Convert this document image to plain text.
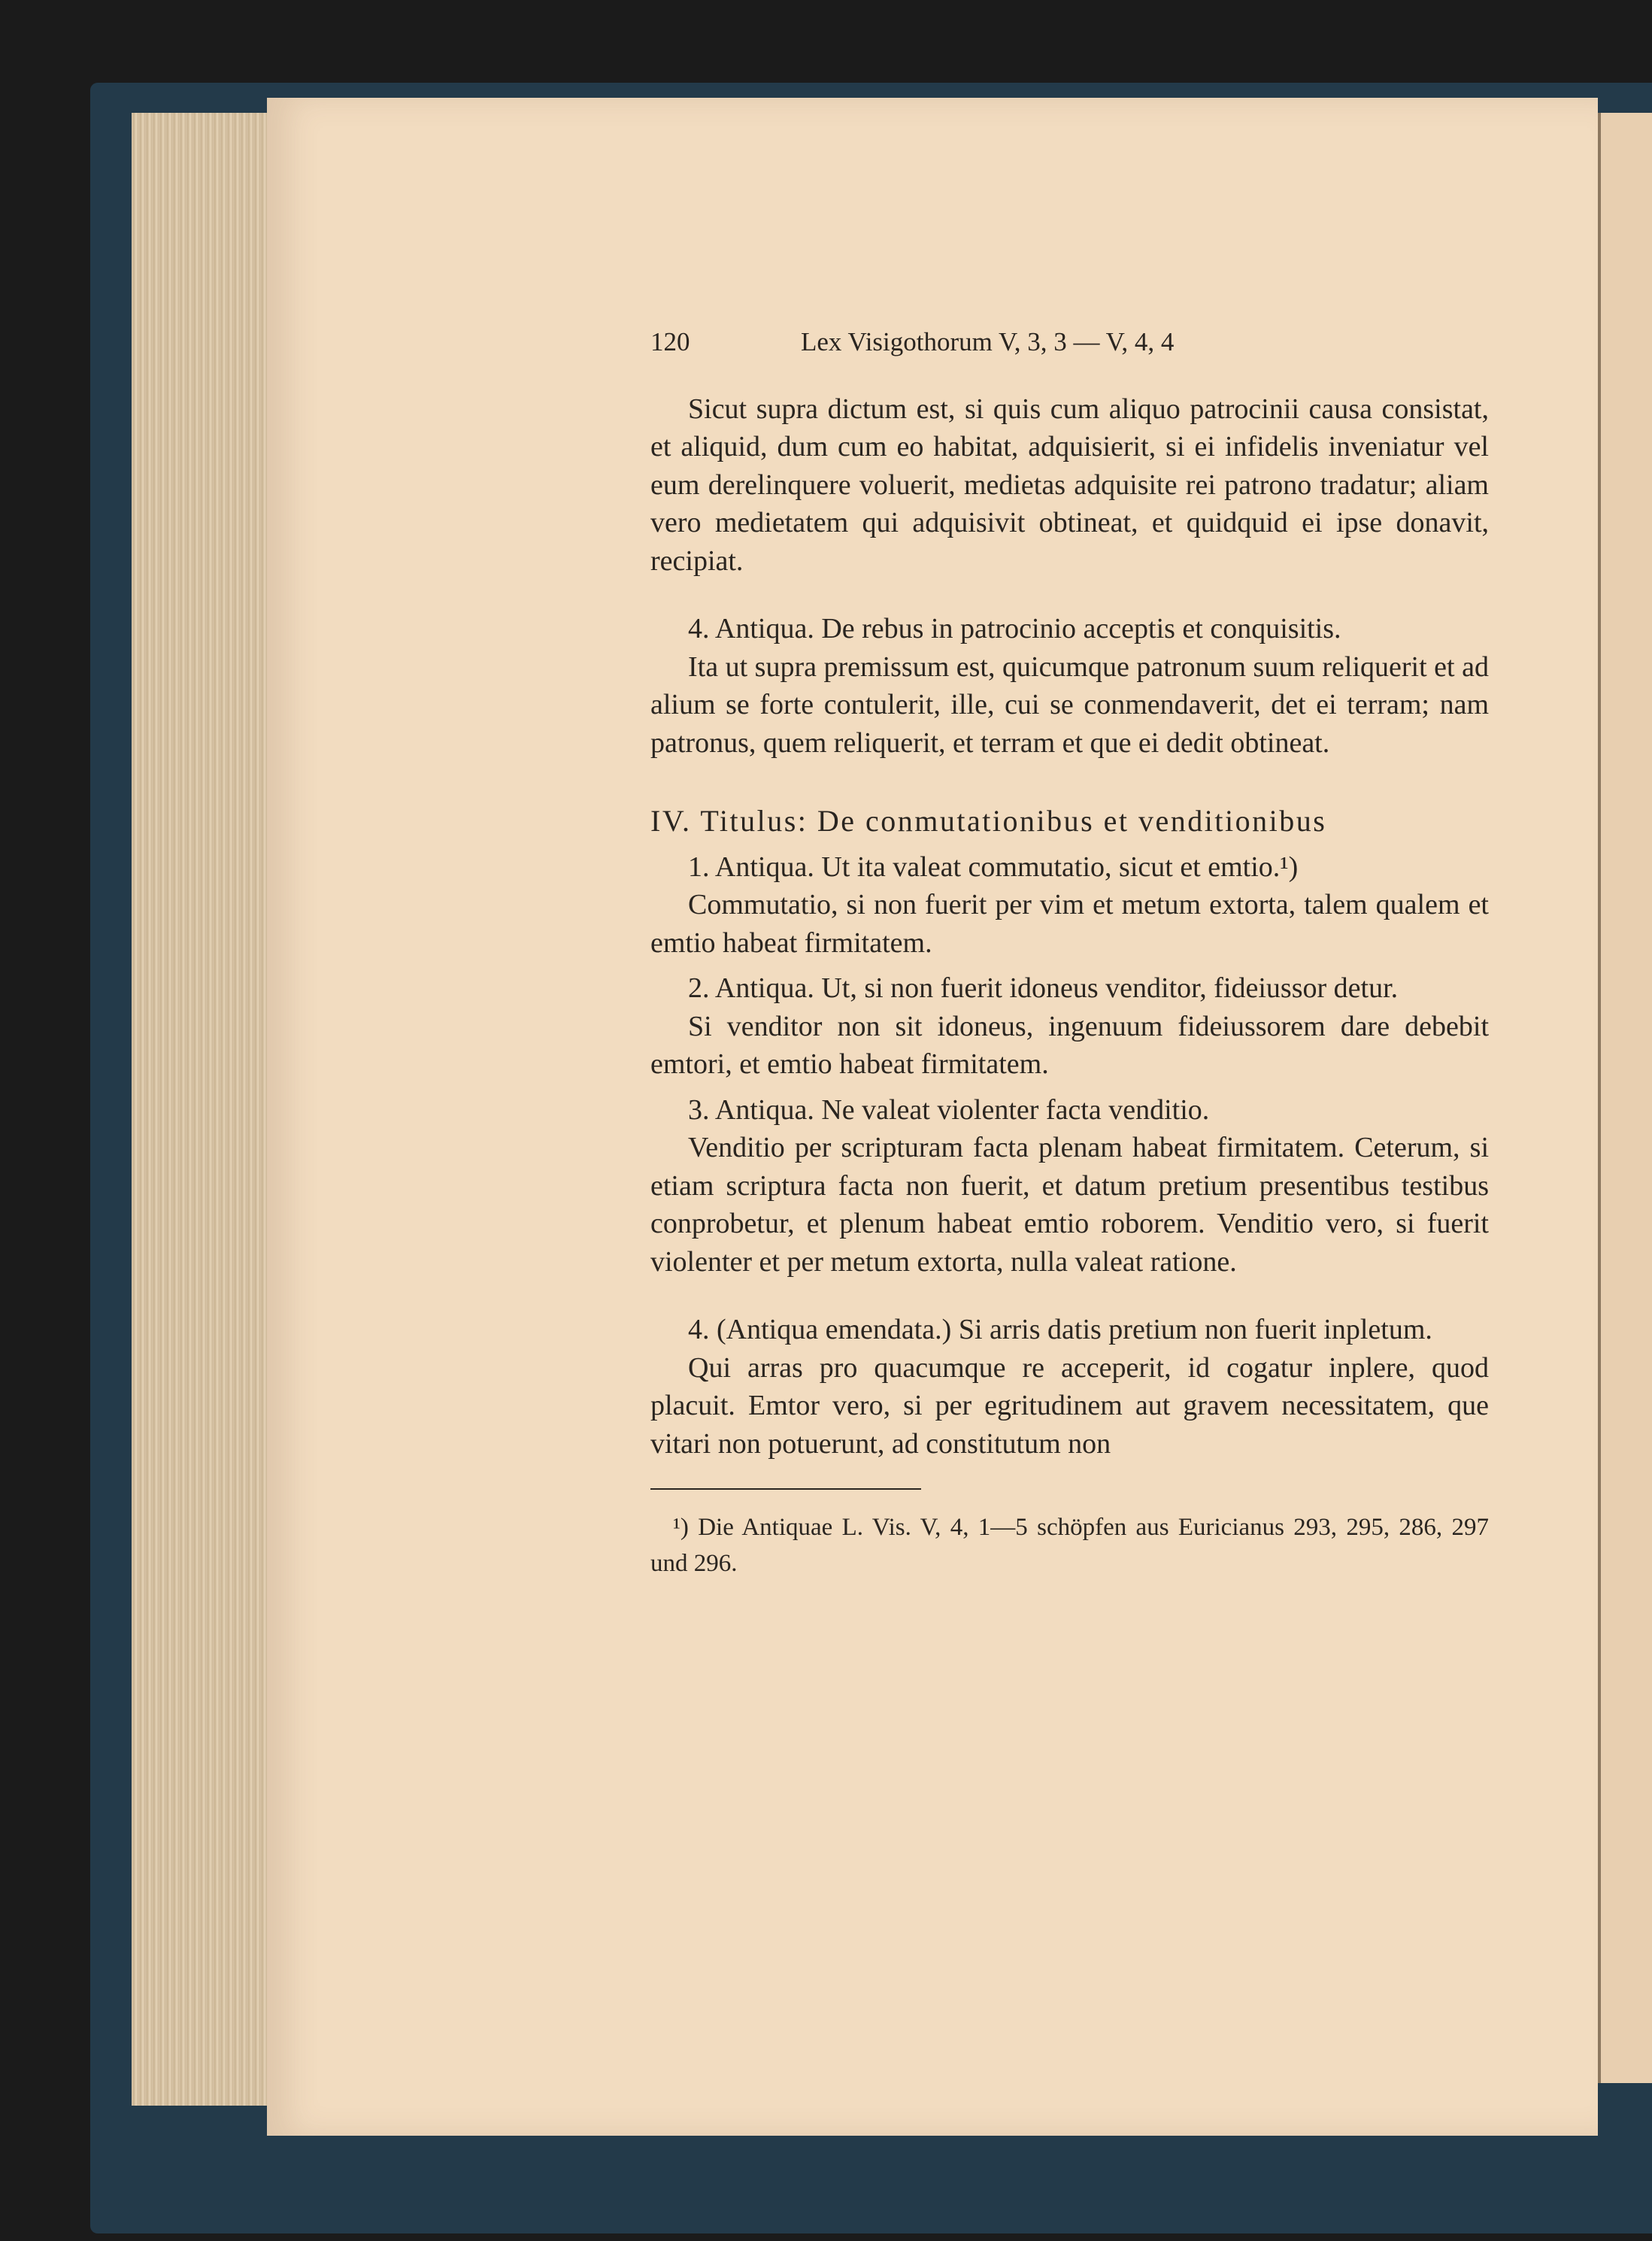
120	Lex Visigothorum V, 3, 3 — V, 4, 4

Sicut supra dictum est, si quis cum aliquo patrocinii causa consistat, et aliquid, dum cum eo habitat, adquisierit, si ei infidelis inveniatur vel eum derelinquere voluerit, medietas adquisite rei patrono tradatur; aliam vero medietatem qui adquisivit obtineat, et quidquid ei ipse donavit, recipiat.

4. Antiqua. De rebus in patrocinio acceptis et conquisitis.

Ita ut supra premissum est, quicumque patronum suum reliquerit et ad alium se forte contulerit, ille, cui se conmendaverit, det ei terram; nam patronus, quem reliquerit, et terram et que ei dedit obtineat.

IV. Titulus: De conmutationibus et venditionibus

1. Antiqua. Ut ita valeat commutatio, sicut et emtio.¹)

Commutatio, si non fuerit per vim et metum extorta, talem qualem et emtio habeat firmitatem.

2. Antiqua. Ut, si non fuerit idoneus venditor, fideiussor detur.

Si venditor non sit idoneus, ingenuum fideiussorem dare debebit emtori, et emtio habeat firmitatem.

3. Antiqua. Ne valeat violenter facta venditio.

Venditio per scripturam facta plenam habeat firmitatem. Ceterum, si etiam scriptura facta non fuerit, et datum pretium presentibus testibus conprobetur, et plenum habeat emtio roborem. Venditio vero, si fuerit violenter et per metum extorta, nulla valeat ratione.

4. (Antiqua emendata.) Si arris datis pretium non fuerit inpletum.

Qui arras pro quacumque re acceperit, id cogatur inplere, quod placuit. Emtor vero, si per egritudinem aut gravem necessitatem, que vitari non potuerunt, ad constitutum non

¹) Die Antiquae L. Vis. V, 4, 1—5 schöpfen aus Euricianus 293, 295, 286, 297 und 296.
